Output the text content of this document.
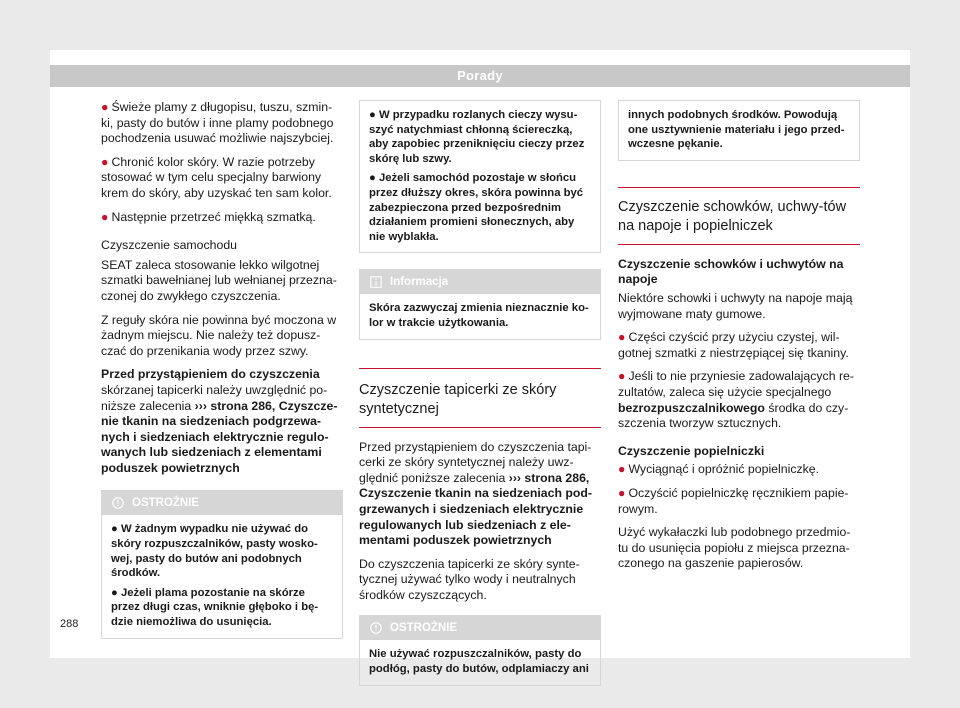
Porady

● Świeże plamy z długopisu, tuszu, szmin-ki, pasty do butów i inne plamy podobnego pochodzenia usuwać możliwie najszybciej.

● Chronić kolor skóry. W razie potrzeby stosować w tym celu specjalny barwiony krem do skóry, aby uzyskać ten sam kolor.

● Następnie przetrzeć miękką szmatką.

Czyszczenie samochodu

SEAT zaleca stosowanie lekko wilgotnej szmatki bawełnianej lub wełnianej przezna-czonej do zwykłego czyszczenia.

Z reguły skóra nie powinna być moczona w żadnym miejscu. Nie należy też dopusz-czać do przenikania wody przez szwy.

Przed przystąpieniem do czyszczenia skórzanej tapicerki należy uwzględnić po-niższe zalecenia ››› strona 286, Czyszcze-nie tkanin na siedzeniach podgrzewa-nych i siedzeniach elektrycznie regulo-wanych lub siedzeniach z elementami poduszek powietrznych

OSTROŻNIE

● W żadnym wypadku nie używać do skóry rozpuszczalników, pasty wosko-wej, pasty do butów ani podobnych środków.

● Jeżeli plama pozostanie na skórze przez długi czas, wniknie głęboko i bę-dzie niemożliwa do usunięcia.

● W przypadku rozlanych cieczy wysu-szyć natychmiast chłonną ściereczką, aby zapobiec przeniknięciu cieczy przez skórę lub szwy.

● Jeżeli samochód pozostaje w słońcu przez dłuższy okres, skóra powinna być zabezpieczona przed bezpośrednim działaniem promieni słonecznych, aby nie wyblakła.

Informacja
Skóra zazwyczaj zmienia nieznacznie ko-lor w trakcie użytkowania.
Czyszczenie tapicerki ze skóry syntetycznej

Przed przystąpieniem do czyszczenia tapi-cerki ze skóry syntetycznej należy uwz-ględnić poniższe zalecenia ››› strona 286, Czyszczenie tkanin na siedzeniach pod-grzewanych i siedzeniach elektrycznie regulowanych lub siedzeniach z ele-mentami poduszek powietrznych

Do czyszczenia tapicerki ze skóry synte-tycznej używać tylko wody i neutralnych środków czyszczących.

OSTROŻNIE
Nie używać rozpuszczalników, pasty do podłóg, pasty do butów, odplamiaczy ani
innych podobnych środków. Powodują one usztywnienie materiału i jego przed-wczesne pękanie.
Czyszczenie schowków, uchwy-tów na napoje i popielniczek

Czyszczenie schowków i uchwytów na napoje

Niektóre schowki i uchwyty na napoje mają wyjmowane maty gumowe.

● Części czyścić przy użyciu czystej, wil-gotnej szmatki z niestrzępiącej się tkaniny.

● Jeśli to nie przyniesie zadowalających re-zultatów, zaleca się użycie specjalnego bezrozpuszczalnikowego środka do czy-szczenia tworzyw sztucznych.

Czyszczenie popielniczki

● Wyciągnąć i opróżnić popielniczkę.

● Oczyścić popielniczkę ręcznikiem papie-rowym.

Użyć wykałaczki lub podobnego przedmio-tu do usunięcia popiołu z miejsca przezna-czonego na gaszenie papierosów.

288
